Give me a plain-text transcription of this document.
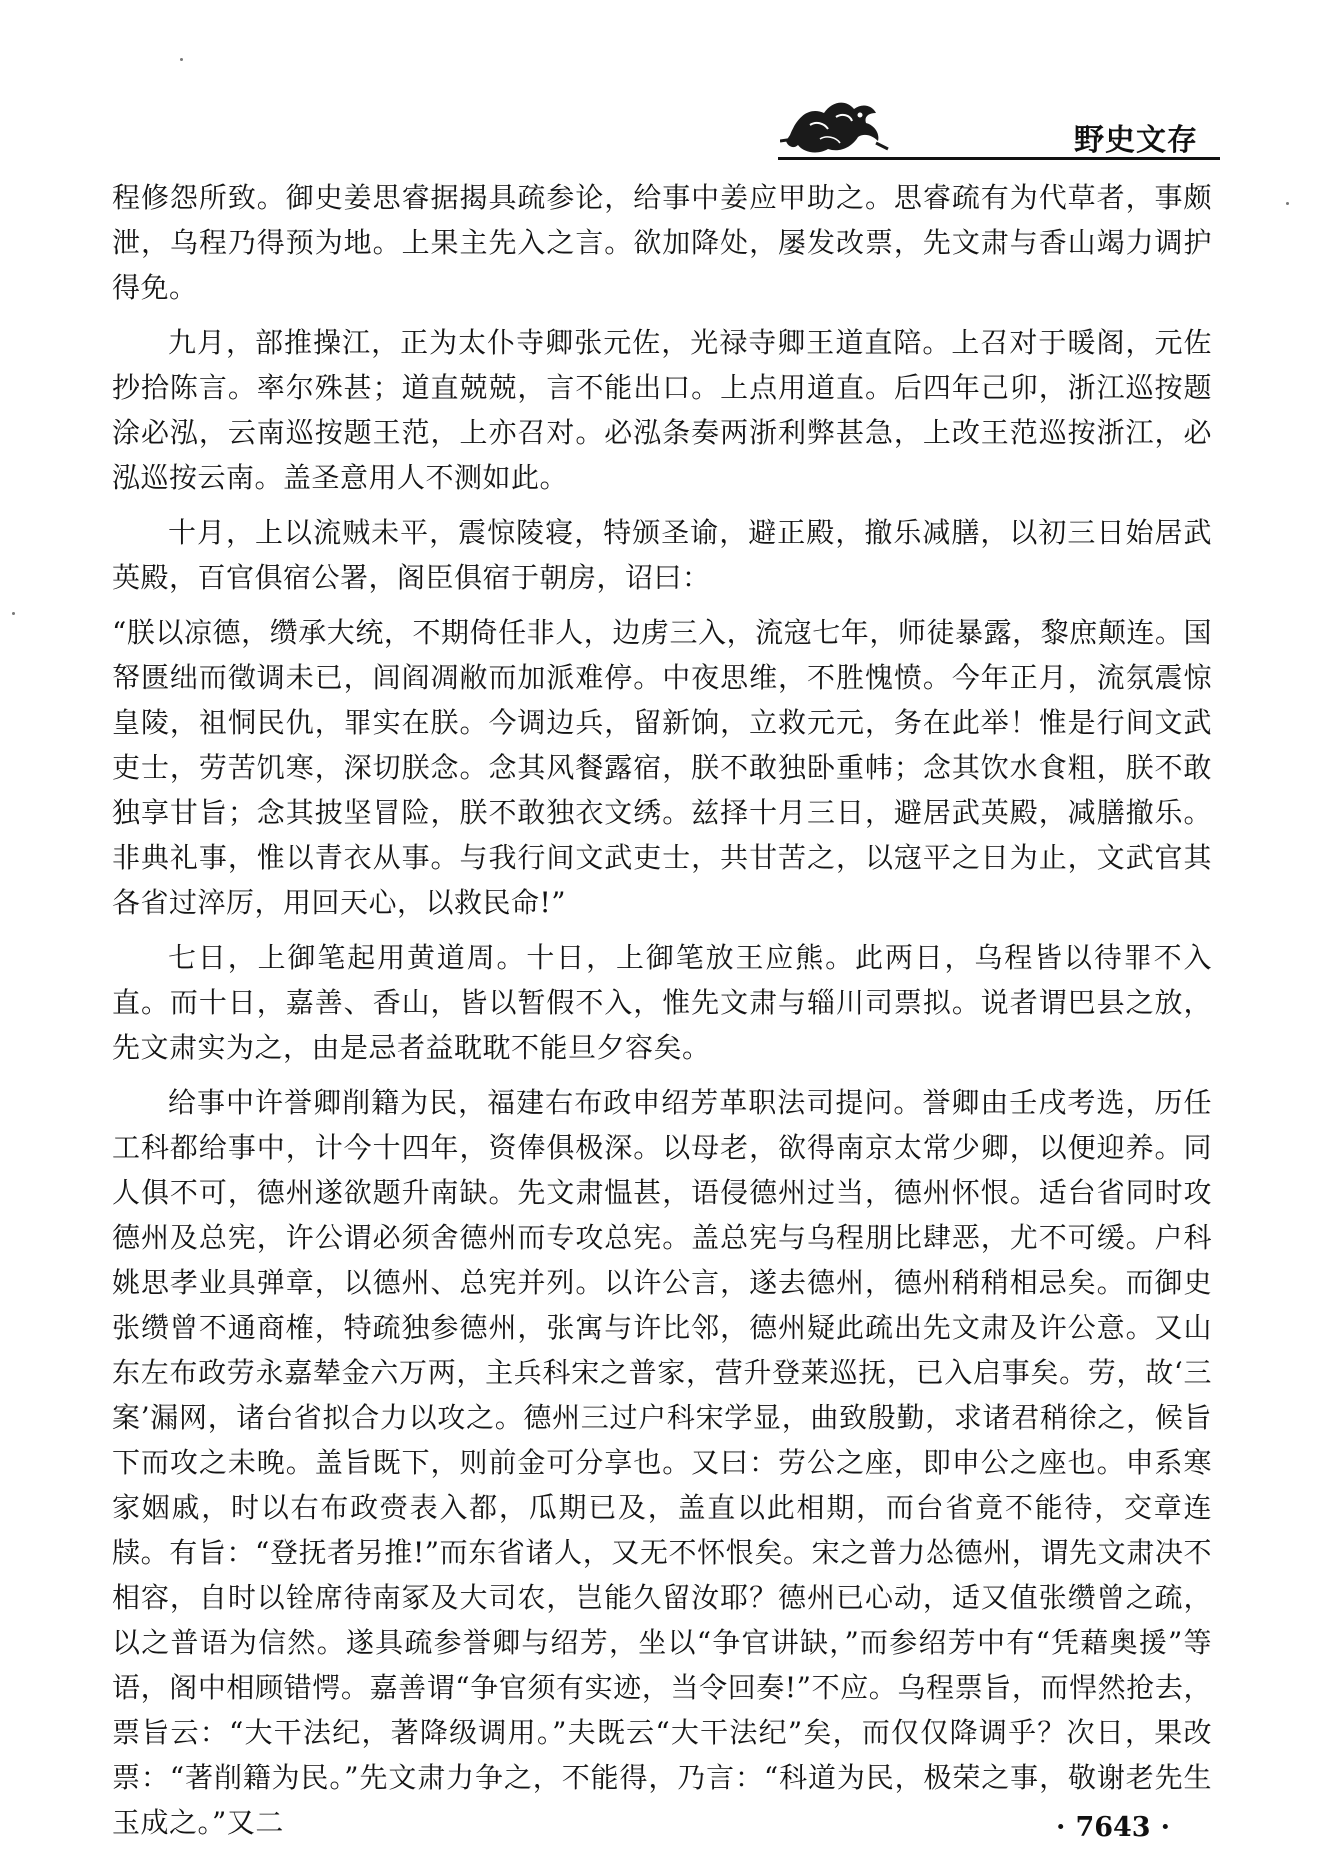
野史文存

程修怨所致。御史姜思睿据揭具疏参论，给事中姜应甲助之。思睿疏有为代草者，事颇泄，乌程乃得预为地。上果主先入之言。欲加降处，屡发改票，先文肃与香山竭力调护得免。

九月，部推操江，正为太仆寺卿张元佐，光禄寺卿王道直陪。上召对于暖阁，元佐抄拾陈言。率尔殊甚；道直兢兢，言不能出口。上点用道直。后四年己卯，浙江巡按题涂必泓，云南巡按题王范，上亦召对。必泓条奏两浙利弊甚急，上改王范巡按浙江，必泓巡按云南。盖圣意用人不测如此。

十月，上以流贼未平，震惊陵寝，特颁圣谕，避正殿，撤乐减膳，以初三日始居武英殿，百官俱宿公署，阁臣俱宿于朝房，诏曰：

“朕以凉德，缵承大统，不期倚任非人，边虏三入，流寇七年，师徒暴露，黎庶颠连。国帑匮绌而徵调未已，闾阎凋敝而加派难停。中夜思维，不胜愧愤。今年正月，流氛震惊皇陵，祖恫民仇，罪实在朕。今调边兵，留新饷，立救元元，务在此举！惟是行间文武吏士，劳苦饥寒，深切朕念。念其风餐露宿，朕不敢独卧重帏；念其饮水食粗，朕不敢独享甘旨；念其披坚冒险，朕不敢独衣文绣。兹择十月三日，避居武英殿，减膳撤乐。非典礼事，惟以青衣从事。与我行间文武吏士，共甘苦之，以寇平之日为止，文武官其各省过淬厉，用回天心，以救民命!”

七日，上御笔起用黄道周。十日，上御笔放王应熊。此两日，乌程皆以待罪不入直。而十日，嘉善、香山，皆以暂假不入，惟先文肃与辎川司票拟。说者谓巴县之放，先文肃实为之，由是忌者益耽耽不能旦夕容矣。

给事中许誉卿削籍为民，福建右布政申绍芳革职法司提问。誉卿由壬戌考选，历任工科都给事中，计今十四年，资俸俱极深。以母老，欲得南京太常少卿，以便迎养。同人俱不可，德州遂欲题升南缺。先文肃愠甚，语侵德州过当，德州怀恨。适台省同时攻德州及总宪，许公谓必须舍德州而专攻总宪。盖总宪与乌程朋比肆恶，尤不可缓。户科姚思孝业具弹章，以德州、总宪并列。以许公言，遂去德州，德州稍稍相忌矣。而御史张缵曾不通商榷，特疏独参德州，张寓与许比邻，德州疑此疏出先文肃及许公意。又山东左布政劳永嘉辇金六万两，主兵科宋之普家，营升登莱巡抚，已入启事矣。劳，故‘三案’漏网，诸台省拟合力以攻之。德州三过户科宋学显，曲致殷勤，求诸君稍徐之，候旨下而攻之未晚。盖旨既下，则前金可分享也。又曰：劳公之座，即申公之座也。申系寒家姻戚，时以右布政赍表入都，瓜期已及，盖直以此相期，而台省竟不能待，交章连牍。有旨：“登抚者另推!”而东省诸人，又无不怀恨矣。宋之普力怂德州，谓先文肃决不相容，自时以铨席待南冢及大司农，岂能久留汝耶？德州已心动，适又值张缵曾之疏，以之普语为信然。遂具疏参誉卿与绍芳，坐以“争官讲缺，”而参绍芳中有“凭藉奥援”等语，阁中相顾错愕。嘉善谓“争官须有实迹，当令回奏!”不应。乌程票旨，而悍然抢去，票旨云：“大干法纪，著降级调用。”夫既云“大干法纪”矣，而仅仅降调乎？次日，果改票：“著削籍为民。”先文肃力争之，不能得，乃言：“科道为民，极荣之事，敬谢老先生玉成之。”又二	· 7643 ·
